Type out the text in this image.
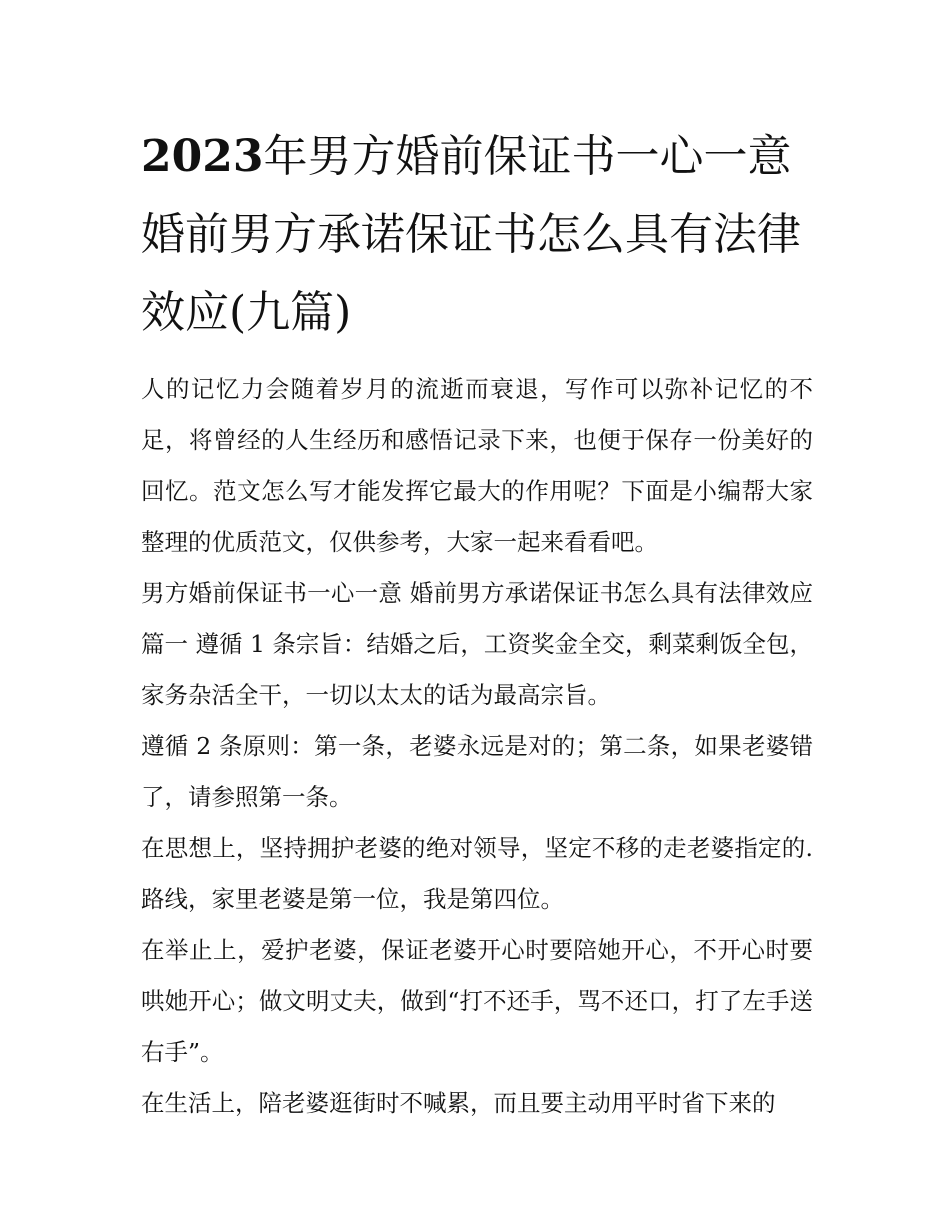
2023年男方婚前保证书一心一意 婚前男方承诺保证书怎么具有法律效应(九篇)

人的记忆力会随着岁月的流逝而衰退，写作可以弥补记忆的不足，将曾经的人生经历和感悟记录下来，也便于保存一份美好的回忆。范文怎么写才能发挥它最大的作用呢？下面是小编帮大家整理的优质范文，仅供参考，大家一起来看看吧。

男方婚前保证书一心一意 婚前男方承诺保证书怎么具有法律效应篇一 遵循 1 条宗旨：结婚之后，工资奖金全交，剩菜剩饭全包，家务杂活全干，一切以太太的话为最高宗旨。

遵循 2 条原则：第一条，老婆永远是对的；第二条，如果老婆错了，请参照第一条。

在思想上，坚持拥护老婆的绝对领导，坚定不移的走老婆指定的.路线，家里老婆是第一位，我是第四位。

在举止上，爱护老婆，保证老婆开心时要陪她开心，不开心时要哄她开心；做文明丈夫，做到“打不还手，骂不还口，打了左手送右手”。

在生活上，陪老婆逛街时不喊累，而且要主动用平时省下来的
